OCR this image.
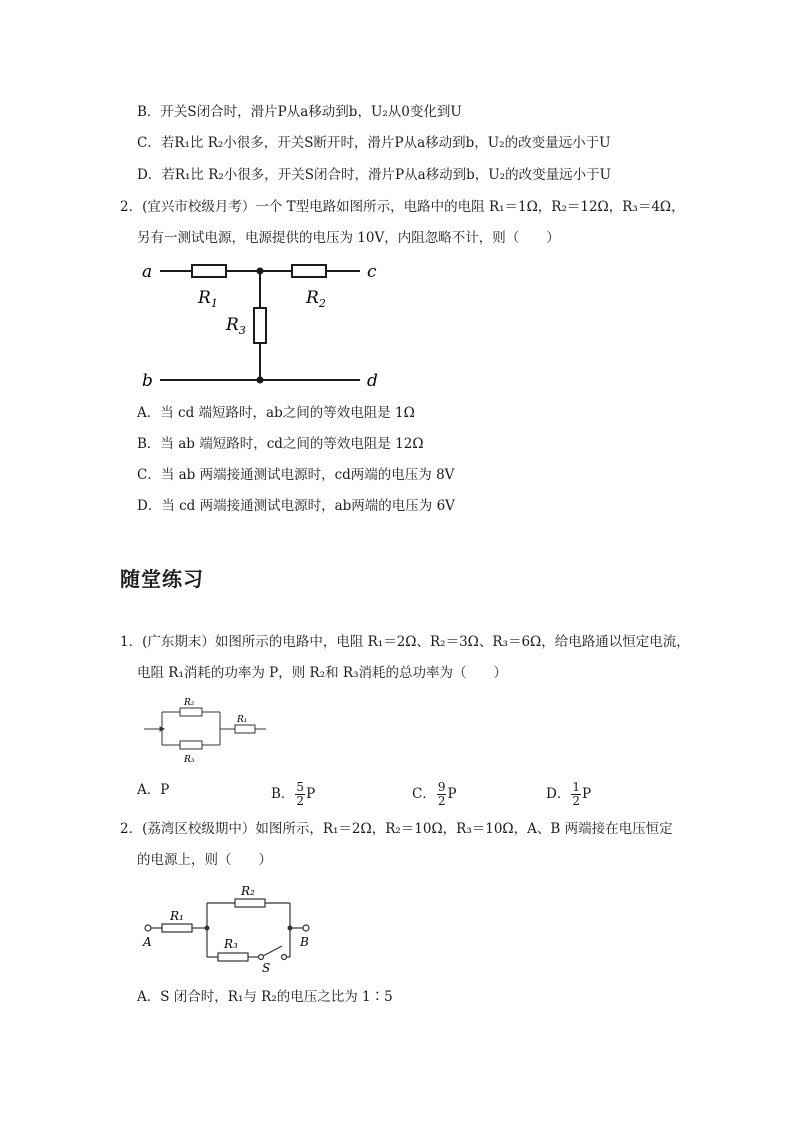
B．开关S闭合时，滑片P从a移动到b，U₂从0变化到U
C．若R₁比 R₂小很多，开关S断开时，滑片P从a移动到b，U₂的改变量远小于U
D．若R₁比 R₂小很多，开关S闭合时，滑片P从a移动到b，U₂的改变量远小于U
2．(宜兴市校级月考）一个 T型电路如图所示，电路中的电阻 R₁＝1Ω，R₂＝12Ω，R₃＝4Ω，
另有一测试电源，电源提供的电压为 10V，内阻忽略不计，则（　　）
a	c
b	d
$R_1$	$R_2$
$R_3$
A．当 cd 端短路时，ab之间的等效电阻是 1Ω
B．当 ab 端短路时，cd之间的等效电阻是 12Ω
C．当 ab 两端接通测试电源时，cd两端的电压为 8V
D．当 cd 两端接通测试电源时，ab两端的电压为 6V
随堂练习
1．(广东期末）如图所示的电路中，电阻 R₁＝2Ω、R₂＝3Ω、R₃＝6Ω，给电路通以恒定电流，
电阻 R₁消耗的功率为 P，则 R₂和 R₃消耗的总功率为（　　）
R₂
R₃
R₁
A．P	B． $\frac{5}{2}$ P	C． $\frac{9}{2}$ P	D． $\frac{1}{2}$ P
2．(荔湾区校级期中）如图所示，R₁＝2Ω，R₂＝10Ω，R₃＝10Ω，A、B 两端接在电压恒定
的电源上，则（　　）
A	B
R₁
R₂
R₃
S
A．S 闭合时，R₁与 R₂的电压之比为 1∶5
